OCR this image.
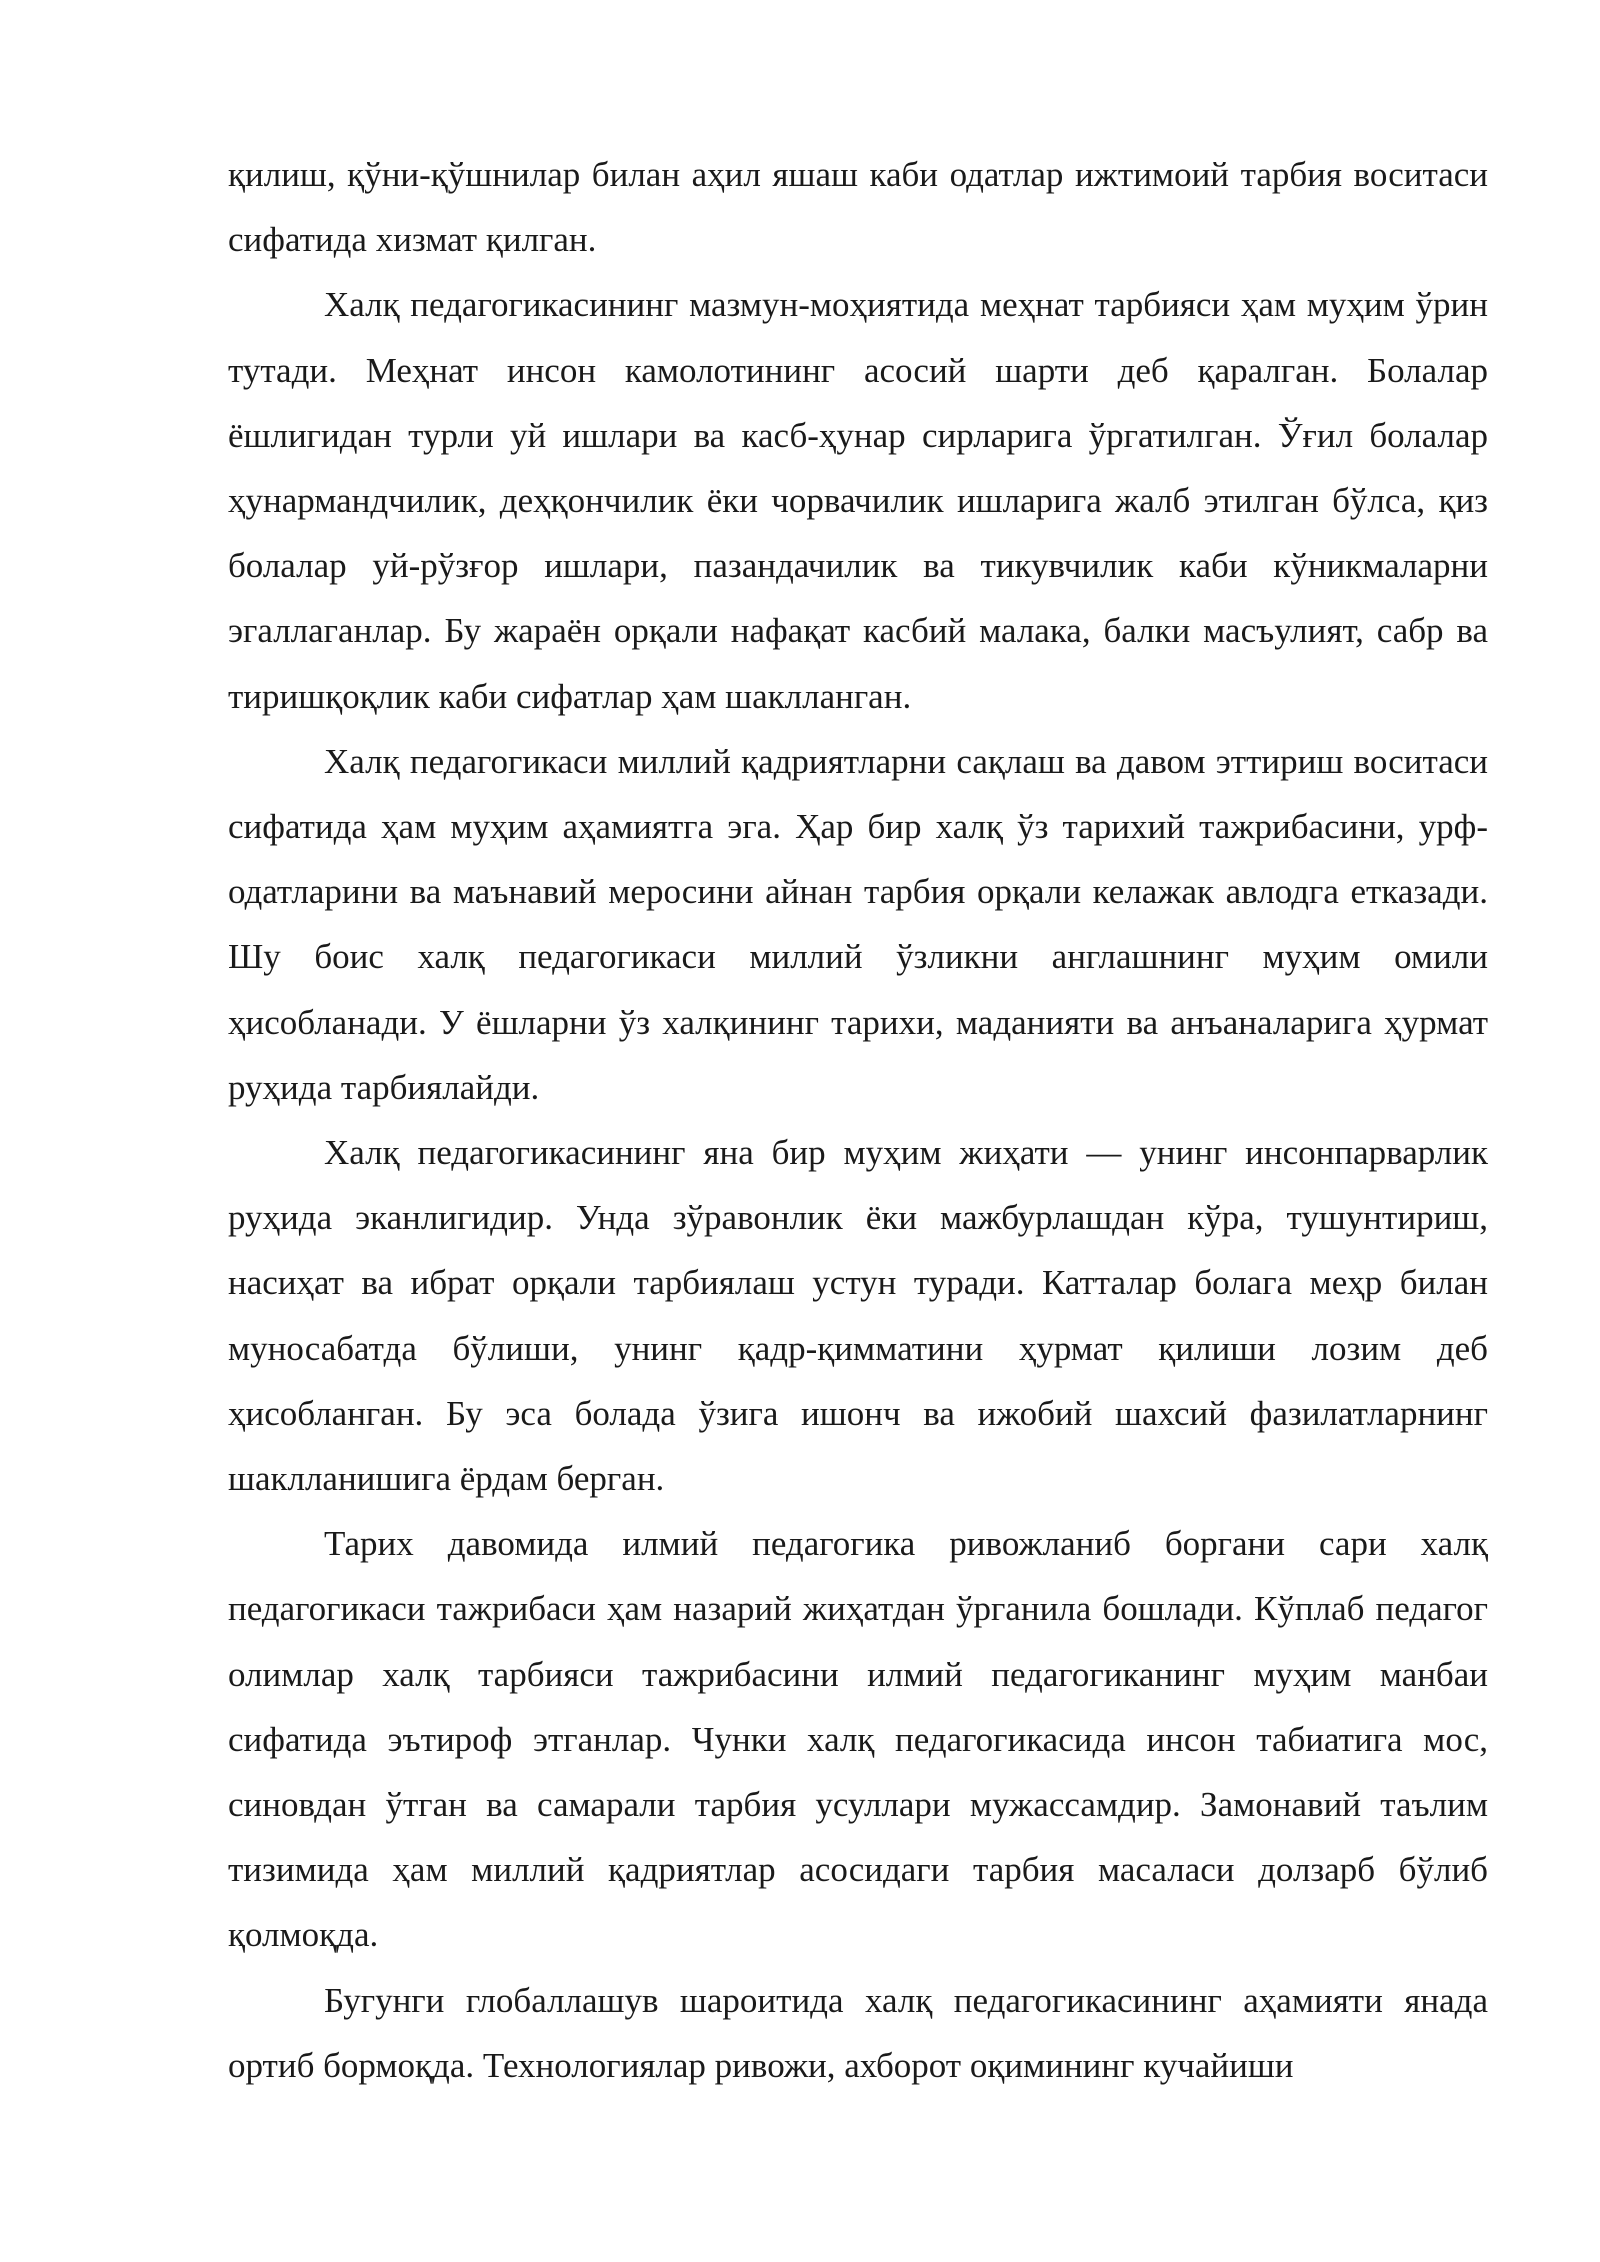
қилиш, қўни-қўшнилар билан аҳил яшаш каби одатлар ижтимоий тарбия воситаси сифатида хизмат қилган.

Халқ педагогикасининг мазмун-моҳиятида меҳнат тарбияси ҳам муҳим ўрин тутади. Меҳнат инсон камолотининг асосий шарти деб қаралган. Болалар ёшлигидан турли уй ишлари ва касб-ҳунар сирларига ўргатилган. Ўғил болалар ҳунармандчилик, деҳқончилик ёки чорвачилик ишларига жалб этилган бўлса, қиз болалар уй-рўзғор ишлари, пазандачилик ва тикувчилик каби кўникмаларни эгаллаганлар. Бу жараён орқали нафақат касбий малака, балки масъулият, сабр ва тиришқоқлик каби сифатлар ҳам шаклланган.

Халқ педагогикаси миллий қадриятларни сақлаш ва давом эттириш воситаси сифатида ҳам муҳим аҳамиятга эга. Ҳар бир халқ ўз тарихий тажрибасини, урф-одатларини ва маънавий меросини айнан тарбия орқали келажак авлодга етказади. Шу боис халқ педагогикаси миллий ўзликни англашнинг муҳим омили ҳисобланади. У ёшларни ўз халқининг тарихи, маданияти ва анъаналарига ҳурмат руҳида тарбиялайди.

Халқ педагогикасининг яна бир муҳим жиҳати — унинг инсонпарварлик руҳида эканлигидир. Унда зўравонлик ёки мажбурлашдан кўра, тушунтириш, насиҳат ва ибрат орқали тарбиялаш устун туради. Катталар болага меҳр билан муносабатда бўлиши, унинг қадр-қимматини ҳурмат қилиши лозим деб ҳисобланган. Бу эса болада ўзига ишонч ва ижобий шахсий фазилатларнинг шаклланишига ёрдам берган.

Тарих давомида илмий педагогика ривожланиб боргани сари халқ педагогикаси тажрибаси ҳам назарий жиҳатдан ўрганила бошлади. Кўплаб педагог олимлар халқ тарбияси тажрибасини илмий педагогиканинг муҳим манбаи сифатида эътироф этганлар. Чунки халқ педагогикасида инсон табиатига мос, синовдан ўтган ва самарали тарбия усуллари мужассамдир. Замонавий таълим тизимида ҳам миллий қадриятлар асосидаги тарбия масаласи долзарб бўлиб қолмоқда.

Бугунги глобаллашув шароитида халқ педагогикасининг аҳамияти янада ортиб бормоқда. Технологиялар ривожи, ахборот оқимининг кучайиши
